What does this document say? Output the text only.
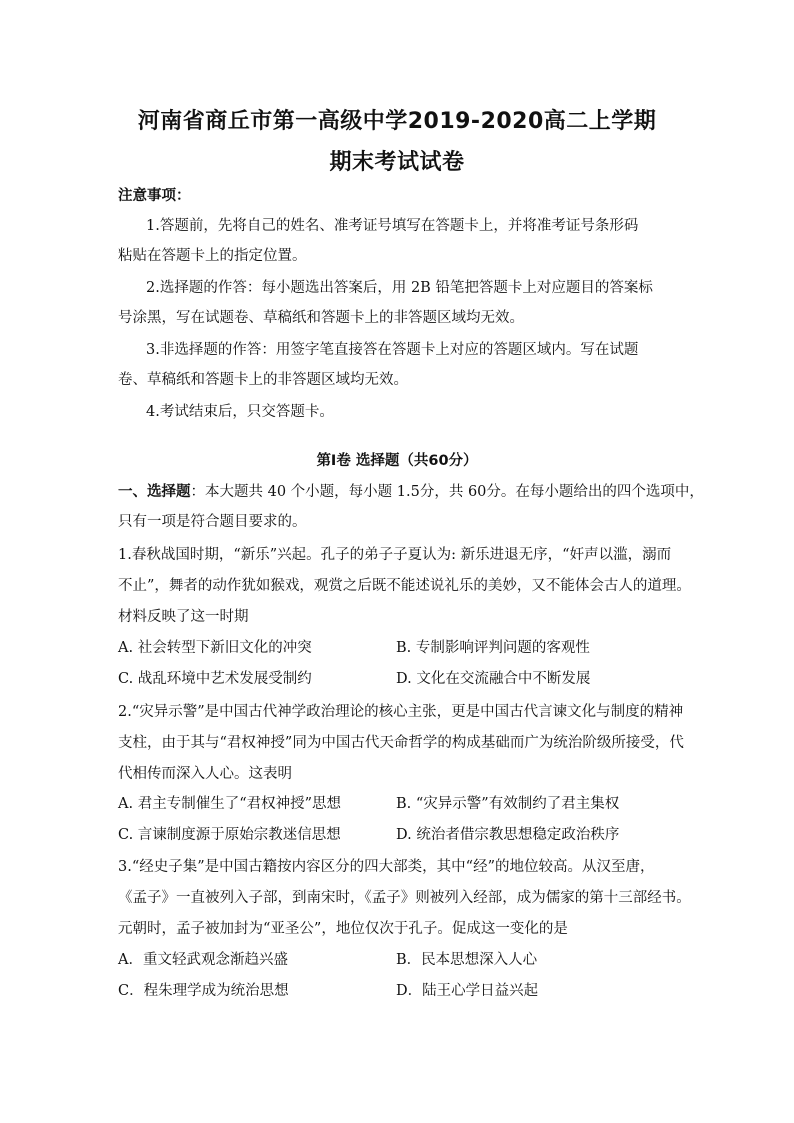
河南省商丘市第一高级中学2019-2020高二上学期
期末考试试卷
注意事项：
1.答题前，先将自己的姓名、准考证号填写在答题卡上，并将准考证号条形码
粘贴在答题卡上的指定位置。
2.选择题的作答：每小题选出答案后，用 2B 铅笔把答题卡上对应题目的答案标
号涂黑，写在试题卷、草稿纸和答题卡上的非答题区域均无效。
3.非选择题的作答：用签字笔直接答在答题卡上对应的答题区域内。写在试题
卷、草稿纸和答题卡上的非答题区域均无效。
4.考试结束后，只交答题卡。
第Ⅰ卷 选择题（共60分）
一、选择题：本大题共 40 个小题，每小题 1.5分，共 60分。在每小题给出的四个选项中，
只有一项是符合题目要求的。
1.春秋战国时期，“新乐”兴起。孔子的弟子子夏认为: 新乐进退无序，“奸声以滥，溺而
不止”，舞者的动作犹如猴戏，观赏之后既不能述说礼乐的美妙，又不能体会古人的道理。
材料反映了这一时期
A. 社会转型下新旧文化的冲突	B. 专制影响评判问题的客观性
C. 战乱环境中艺术发展受制约	D. 文化在交流融合中不断发展
2.“灾异示警”是中国古代神学政治理论的核心主张，更是中国古代言谏文化与制度的精神
支柱，由于其与“君权神授”同为中国古代天命哲学的构成基础而广为统治阶级所接受，代
代相传而深入人心。这表明
A. 君主专制催生了“君权神授”思想	B. “灾异示警”有效制约了君主集权
C. 言谏制度源于原始宗教迷信思想	D. 统治者借宗教思想稳定政治秩序
3.“经史子集”是中国古籍按内容区分的四大部类，其中“经”的地位较高。从汉至唐，
《孟子》一直被列入子部，到南宋时，《孟子》则被列入经部，成为儒家的第十三部经书。
元朝时，孟子被加封为“亚圣公”，地位仅次于孔子。促成这一变化的是
A．重文轻武观念渐趋兴盛	B．民本思想深入人心
C．程朱理学成为统治思想	D．陆王心学日益兴起
